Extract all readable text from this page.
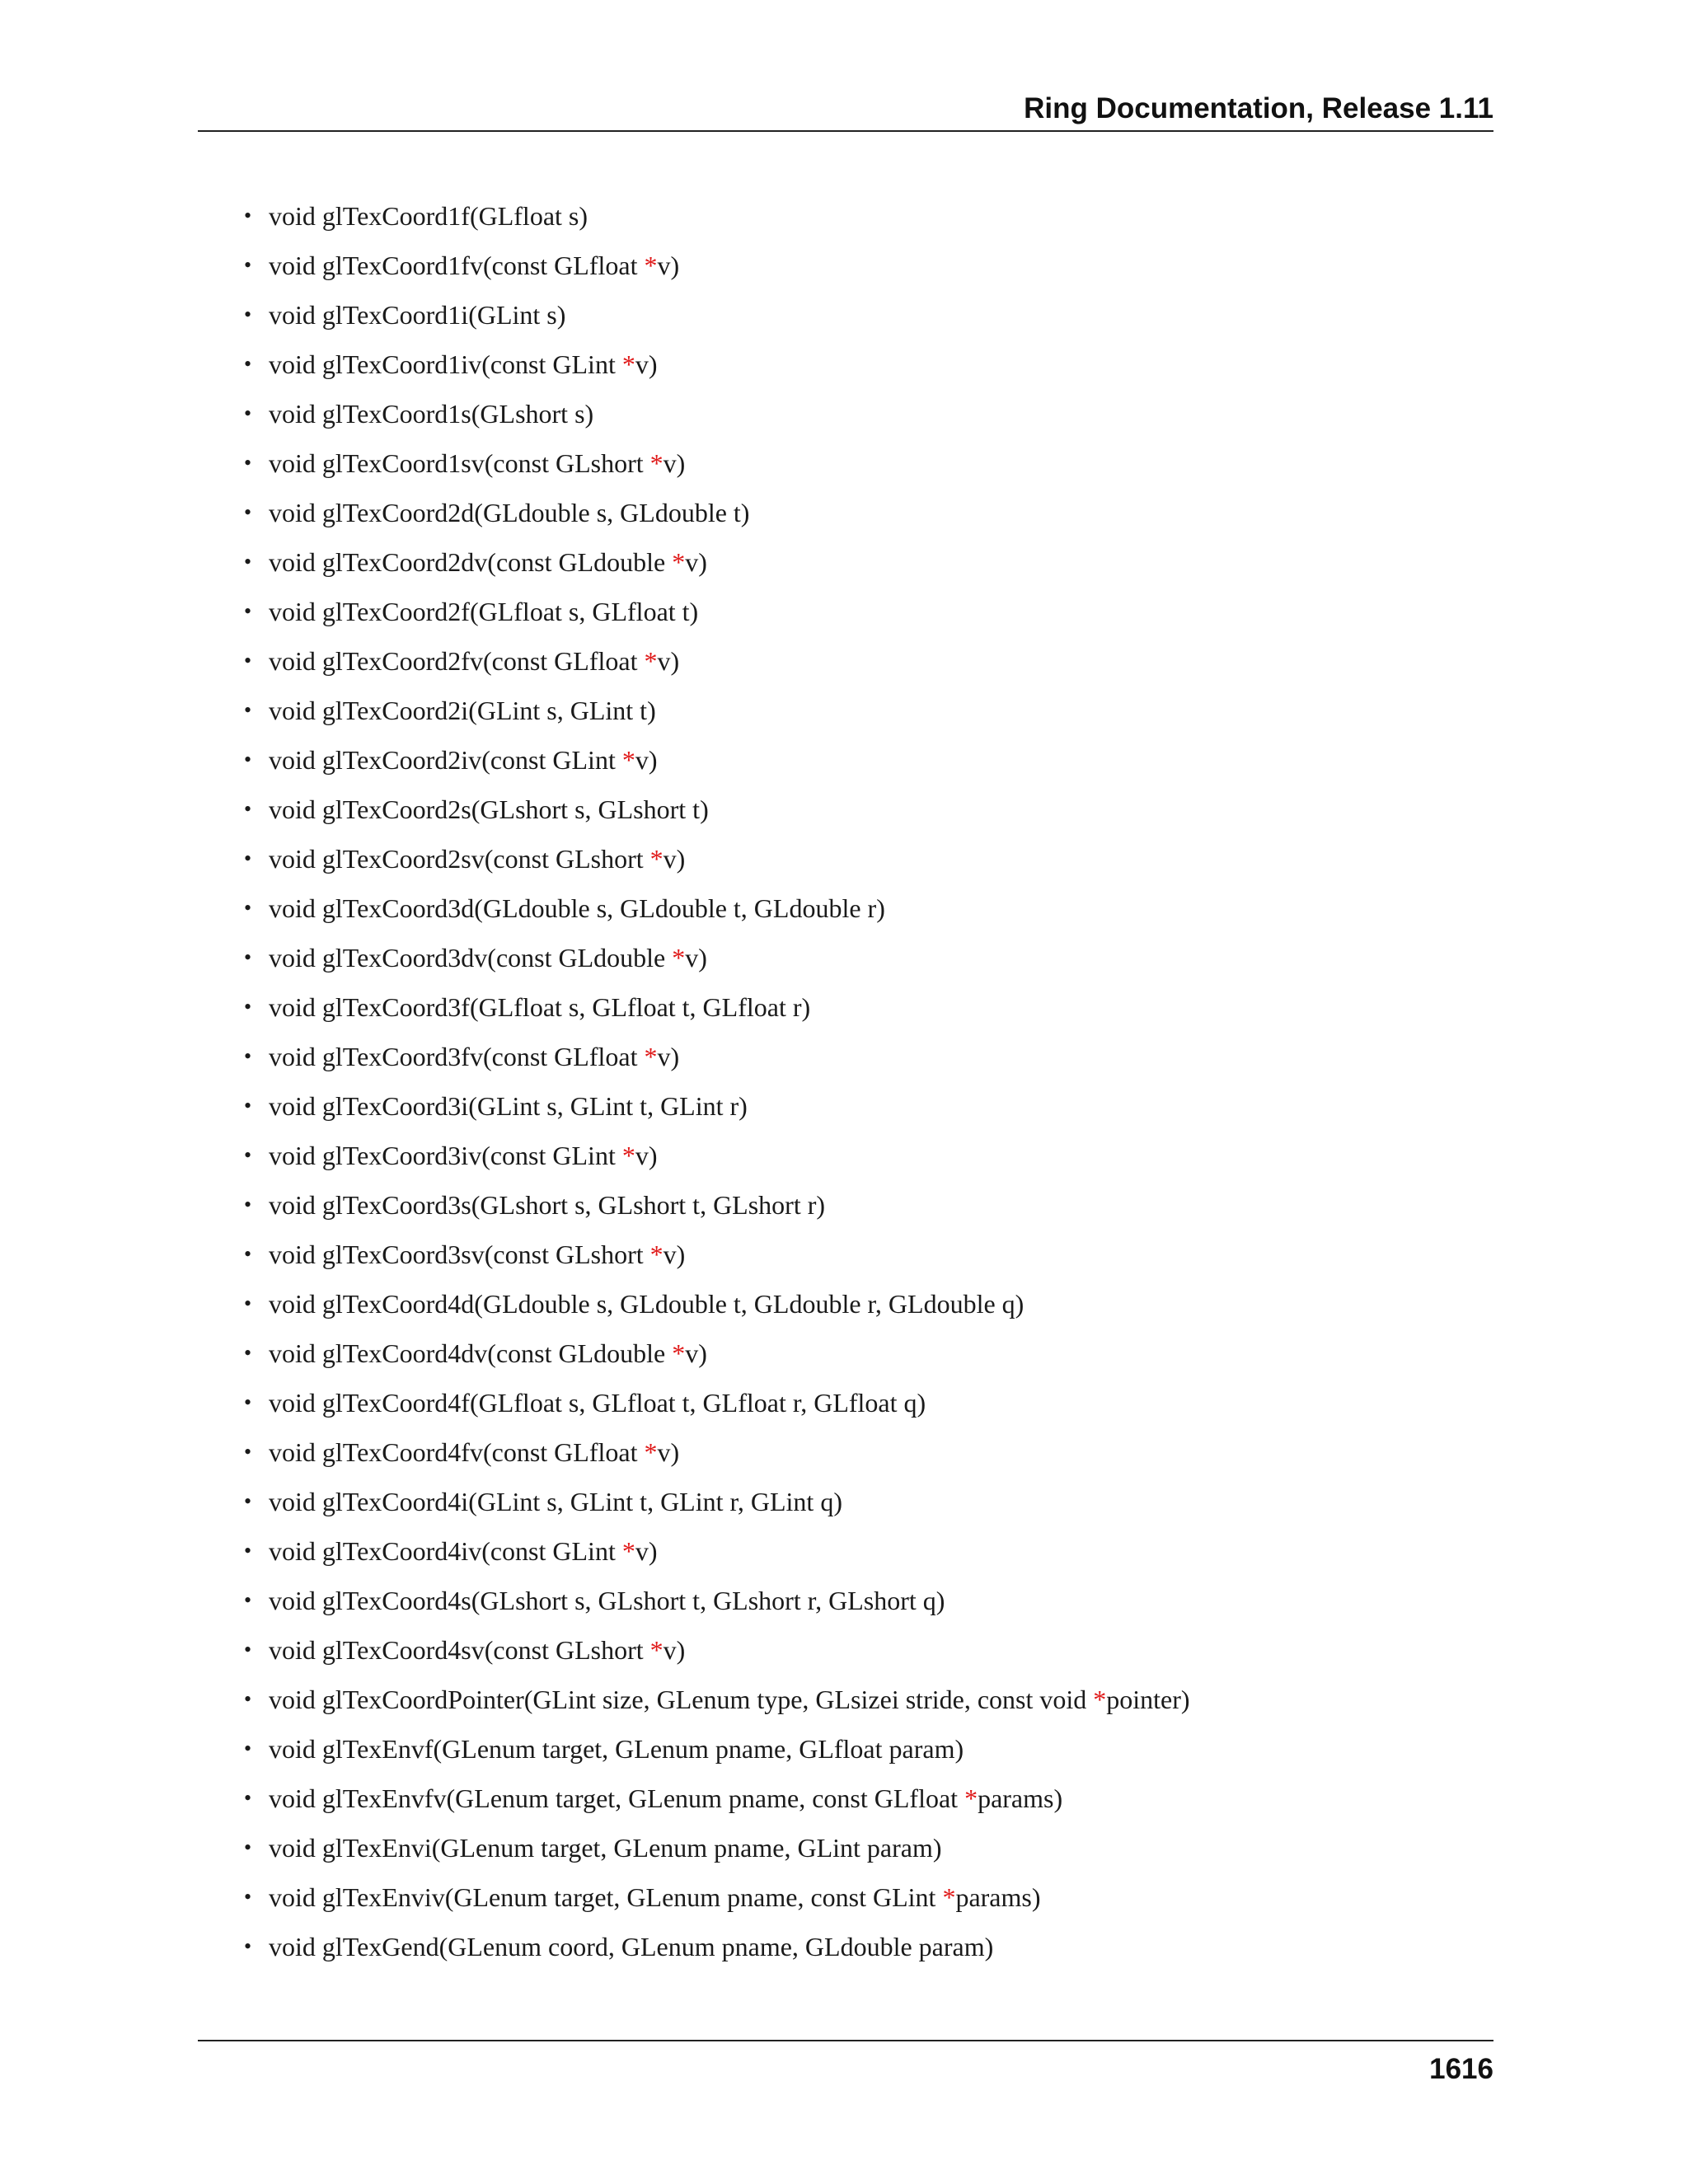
Ring Documentation, Release 1.11
• void glTexCoord1f(GLfloat s)
• void glTexCoord1fv(const GLfloat *v)
• void glTexCoord1i(GLint s)
• void glTexCoord1iv(const GLint *v)
• void glTexCoord1s(GLshort s)
• void glTexCoord1sv(const GLshort *v)
• void glTexCoord2d(GLdouble s, GLdouble t)
• void glTexCoord2dv(const GLdouble *v)
• void glTexCoord2f(GLfloat s, GLfloat t)
• void glTexCoord2fv(const GLfloat *v)
• void glTexCoord2i(GLint s, GLint t)
• void glTexCoord2iv(const GLint *v)
• void glTexCoord2s(GLshort s, GLshort t)
• void glTexCoord2sv(const GLshort *v)
• void glTexCoord3d(GLdouble s, GLdouble t, GLdouble r)
• void glTexCoord3dv(const GLdouble *v)
• void glTexCoord3f(GLfloat s, GLfloat t, GLfloat r)
• void glTexCoord3fv(const GLfloat *v)
• void glTexCoord3i(GLint s, GLint t, GLint r)
• void glTexCoord3iv(const GLint *v)
• void glTexCoord3s(GLshort s, GLshort t, GLshort r)
• void glTexCoord3sv(const GLshort *v)
• void glTexCoord4d(GLdouble s, GLdouble t, GLdouble r, GLdouble q)
• void glTexCoord4dv(const GLdouble *v)
• void glTexCoord4f(GLfloat s, GLfloat t, GLfloat r, GLfloat q)
• void glTexCoord4fv(const GLfloat *v)
• void glTexCoord4i(GLint s, GLint t, GLint r, GLint q)
• void glTexCoord4iv(const GLint *v)
• void glTexCoord4s(GLshort s, GLshort t, GLshort r, GLshort q)
• void glTexCoord4sv(const GLshort *v)
• void glTexCoordPointer(GLint size, GLenum type, GLsizei stride, const void *pointer)
• void glTexEnvf(GLenum target, GLenum pname, GLfloat param)
• void glTexEnvfv(GLenum target, GLenum pname, const GLfloat *params)
• void glTexEnvi(GLenum target, GLenum pname, GLint param)
• void glTexEnviv(GLenum target, GLenum pname, const GLint *params)
• void glTexGend(GLenum coord, GLenum pname, GLdouble param)
1616
